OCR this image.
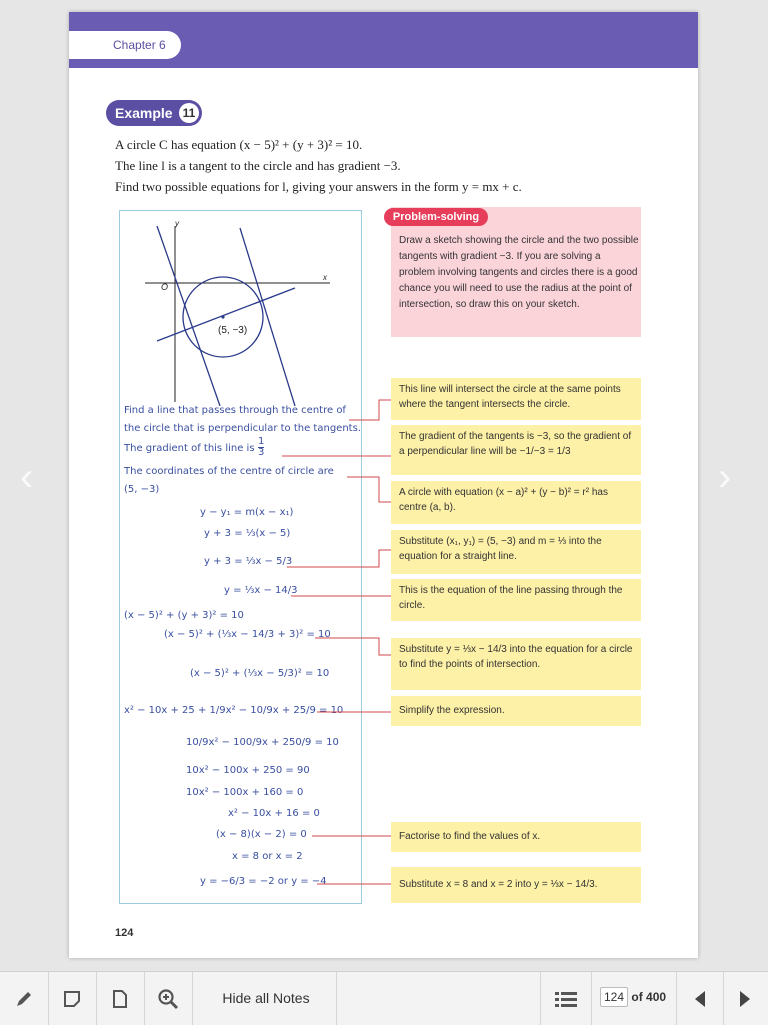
Chapter 6
Example 11
A circle C has equation (x − 5)² + (y + 3)² = 10.
The line l is a tangent to the circle and has gradient −3.
Find two possible equations for l, giving your answers in the form y = mx + c.
y
x
O
(5, −3)
Find a line that passes through the centre of
the circle that is perpendicular to the tangents.
The gradient of this line is
1
3
The coordinates of the centre of circle are
(5, −3)
y − y₁ = m(x − x₁)
y + 3 = ⅓(x − 5)
y + 3 = ⅓x − 5/3
y = ⅓x − 14/3
(x − 5)² + (y + 3)² = 10
(x − 5)² + (⅓x − 14/3 + 3)² = 10
(x − 5)² + (⅓x − 5/3)² = 10
x² − 10x + 25 + 1/9x² − 10/9x + 25/9 = 10
10/9x² − 100/9x + 250/9 = 10
10x² − 100x + 250 = 90
10x² − 100x + 160 = 0
x² − 10x + 16 = 0
(x − 8)(x − 2) = 0
x = 8 or x = 2
y = −6/3 = −2 or y = −4
Problem-solving
Draw a sketch showing the circle and the two possible tangents with gradient −3. If you are solving a problem involving tangents and circles there is a good chance you will need to use the radius at the point of intersection, so draw this on your sketch.
This line will intersect the circle at the same points where the tangent intersects the circle.
The gradient of the tangents is −3, so the gradient of a perpendicular line will be −1/−3 = 1/3
A circle with equation (x − a)² + (y − b)² = r² has centre (a, b).
Substitute (x₁, y₁) = (5, −3) and m = ⅓ into the equation for a straight line.
This is the equation of the line passing through the circle.
Substitute y = ⅓x − 14/3 into the equation for a circle to find the points of intersection.
Simplify the expression.
Factorise to find the values of x.
Substitute x = 8 and x = 2 into y = ⅓x − 14/3.
124
‹	›
Hide all Notes	124 of 400
